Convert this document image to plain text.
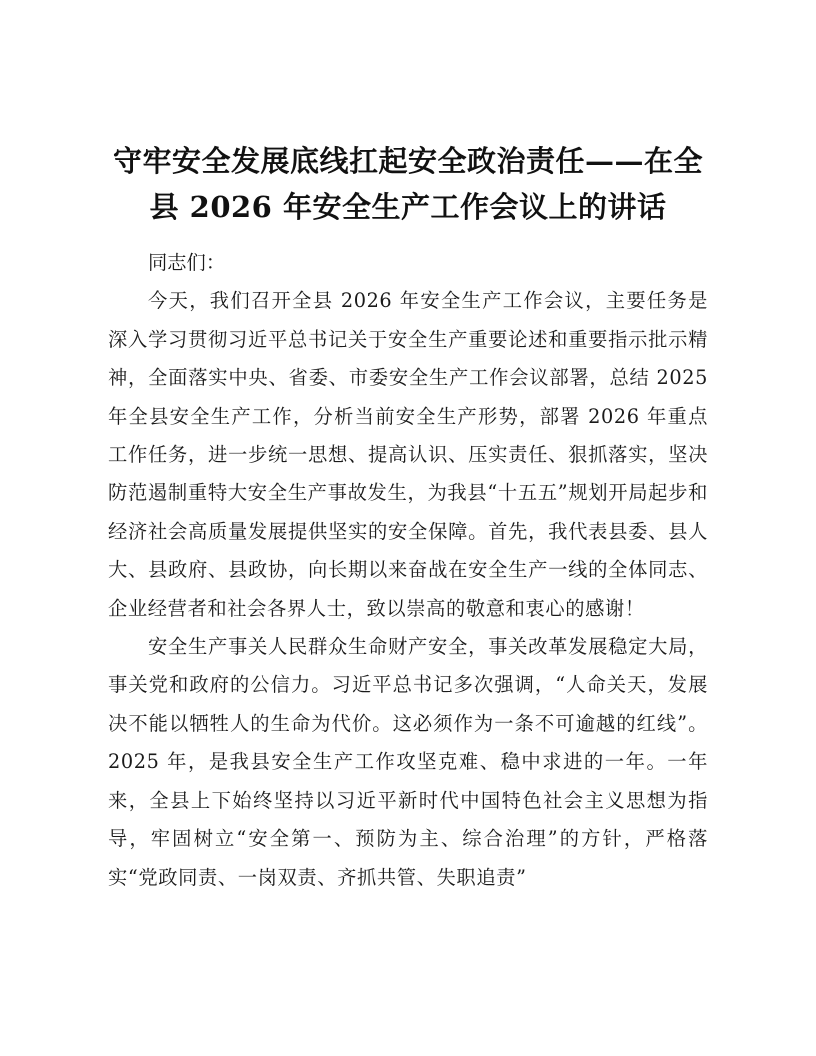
守牢安全发展底线扛起安全政治责任——在全
县 2026 年安全生产工作会议上的讲话

同志们：

今天，我们召开全县 2026 年安全生产工作会议，主要任务是深入学习贯彻习近平总书记关于安全生产重要论述和重要指示批示精神，全面落实中央、省委、市委安全生产工作会议部署，总结 2025 年全县安全生产工作，分析当前安全生产形势，部署 2026 年重点工作任务，进一步统一思想、提高认识、压实责任、狠抓落实，坚决防范遏制重特大安全生产事故发生，为我县“十五五”规划开局起步和经济社会高质量发展提供坚实的安全保障。首先，我代表县委、县人大、县政府、县政协，向长期以来奋战在安全生产一线的全体同志、企业经营者和社会各界人士，致以崇高的敬意和衷心的感谢！

安全生产事关人民群众生命财产安全，事关改革发展稳定大局，事关党和政府的公信力。习近平总书记多次强调，“人命关天，发展决不能以牺牲人的生命为代价。这必须作为一条不可逾越的红线”。2025 年，是我县安全生产工作攻坚克难、稳中求进的一年。一年来，全县上下始终坚持以习近平新时代中国特色社会主义思想为指导，牢固树立“安全第一、预防为主、综合治理”的方针，严格落实“党政同责、一岗双责、齐抓共管、失职追责”
